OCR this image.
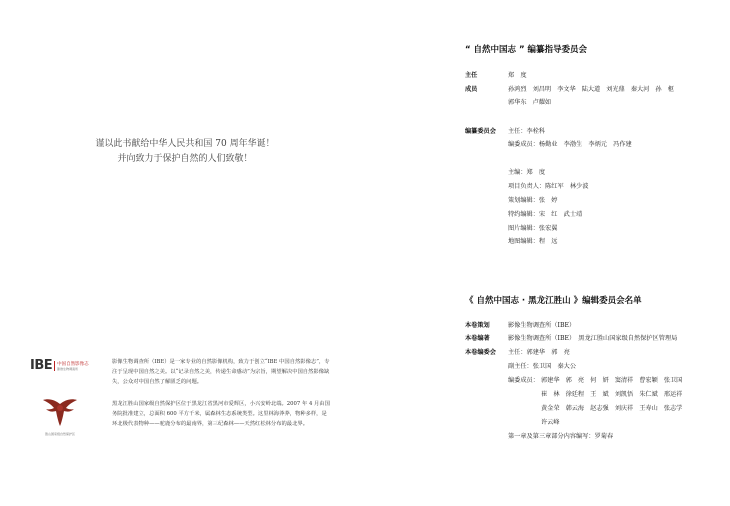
谨以此书献给中华人民共和国 70 周年华诞！
并向致力于保护自然的人们致敬！
IBE 中国自然影像志
影像生物调查所
影像生物调查所（IBE）是一家专业的自然影像机构，致力于创立“IBE 中国自然影像志”，专注于呈现中国自然之美。以“记录自然之美，传递生命感动”为宗旨，期望解决中国自然影像缺失，公众对中国自然了解匮乏的问题。
胜山国家级自然保护区
黑龙江胜山国家级自然保护区位于黑龙江省黑河市爱辉区，小兴安岭北端。2007 年 4 月由国务院批准建立，总面积 600 平方千米，属森林生态系统类型。这里林海莽莽，物种多样，是环北极代表物种——驼鹿分布的最南界，第三纪森林——天然红松林分布的最北界。
“ 自然中国志 ” 编纂指导委员会
主任	郑　度
成员	孙鸿烈 刘昌明 李文华 陆大道 刘光鼎 秦大河 孙　枢
郭华东 卢耀如
编纂委员会 主任：李栓科
编委成员：杨勤业　李渤生　李炳元　冯作建
主编：郑　度
项目负责人：陈红军　林少波
策划编辑：张　婷
特约编辑：宋　红　武士靖
图片编辑：张宏翼
地图编辑：程　远
《 自然中国志 · 黑龙江胜山 》编辑委员会名单
本卷策划	影像生物调查所（IBE）
本卷编著	影像生物调查所（IBE）　黑龙江胜山国家级自然保护区管理局
本卷编委会 主任：郭建华　郭　亮
副主任：张卫国　秦大公
编委成员： 郭建华 郭　亮 何　妍 窦清祥 曹宏颖 张卫国
崔　林 徐廷程 王　斌 刘凯悟 朱仁斌 邢运祥
黄金荣 韩云海 赵志强 刘庆祥 王寿山 张志学
许云峰
第一章及第三章部分内容编写：罗菊春
